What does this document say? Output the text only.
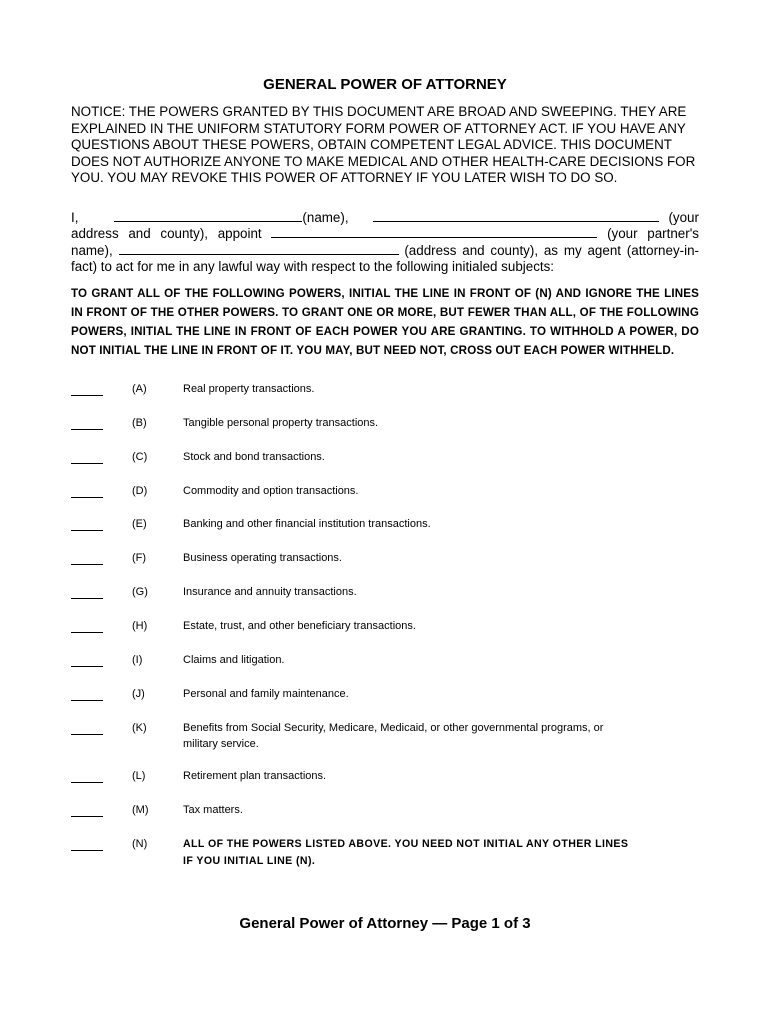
GENERAL POWER OF ATTORNEY
NOTICE: THE POWERS GRANTED BY THIS DOCUMENT ARE BROAD AND SWEEPING. THEY ARE EXPLAINED IN THE UNIFORM STATUTORY FORM POWER OF ATTORNEY ACT. IF YOU HAVE ANY QUESTIONS ABOUT THESE POWERS, OBTAIN COMPETENT LEGAL ADVICE. THIS DOCUMENT DOES NOT AUTHORIZE ANYONE TO MAKE MEDICAL AND OTHER HEALTH-CARE DECISIONS FOR YOU. YOU MAY REVOKE THIS POWER OF ATTORNEY IF YOU LATER WISH TO DO SO.
I,	(name),	(your address and county), appoint	(your partner's name),	(address and county), as my agent (attorney-in-fact) to act for me in any lawful way with respect to the following initialed subjects:
TO GRANT ALL OF THE FOLLOWING POWERS, INITIAL THE LINE IN FRONT OF (N) AND IGNORE THE LINES IN FRONT OF THE OTHER POWERS. TO GRANT ONE OR MORE, BUT FEWER THAN ALL, OF THE FOLLOWING POWERS, INITIAL THE LINE IN FRONT OF EACH POWER YOU ARE GRANTING. TO WITHHOLD A POWER, DO NOT INITIAL THE LINE IN FRONT OF IT. YOU MAY, BUT NEED NOT, CROSS OUT EACH POWER WITHHELD.
(A)	Real property transactions.
(B)	Tangible personal property transactions.
(C)	Stock and bond transactions.
(D)	Commodity and option transactions.
(E)	Banking and other financial institution transactions.
(F)	Business operating transactions.
(G)	Insurance and annuity transactions.
(H)	Estate, trust, and other beneficiary transactions.
(I)	Claims and litigation.
(J)	Personal and family maintenance.
(K)	Benefits from Social Security, Medicare, Medicaid, or other governmental programs, or military service.
(L)	Retirement plan transactions.
(M)	Tax matters.
(N)	ALL OF THE POWERS LISTED ABOVE. YOU NEED NOT INITIAL ANY OTHER LINES IF YOU INITIAL LINE (N).
General Power of Attorney — Page 1 of 3
